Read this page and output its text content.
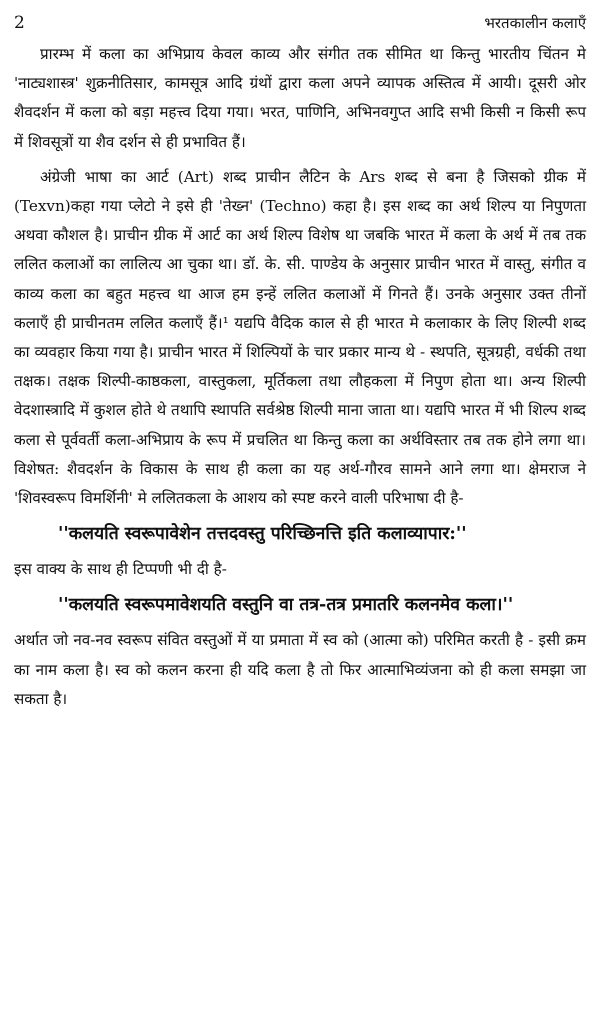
2	भरतकालीन कलाएँ

प्रारम्भ में कला का अभिप्राय केवल काव्य और संगीत तक सीमित था किन्तु भारतीय चिंतन मे 'नाट्यशास्त्र' शुक्रनीतिसार, कामसूत्र आदि ग्रंथों द्वारा कला अपने व्यापक अस्तित्व में आयी। दूसरी ओर शैवदर्शन में कला को बड़ा महत्त्व दिया गया। भरत, पाणिनि, अभिनवगुप्त आदि सभी किसी न किसी रूप में शिवसूत्रों या शैव दर्शन से ही प्रभावित हैं।

अंग्रेजी भाषा का आर्ट (Art) शब्द प्राचीन लैटिन के Ars शब्द से बना है जिसको ग्रीक में (Texvn)कहा गया प्लेटो ने इसे ही 'तेख्न' (Techno) कहा है। इस शब्द का अर्थ शिल्प या निपुणता अथवा कौशल है। प्राचीन ग्रीक में आर्ट का अर्थ शिल्प विशेष था जबकि भारत में कला के अर्थ में तब तक ललित कलाओं का लालित्य आ चुका था। डॉ. के. सी. पाण्डेय के अनुसार प्राचीन भारत में वास्तु, संगीत व काव्य कला का बहुत महत्त्व था आज हम इन्हें ललित कलाओं में गिनते हैं। उनके अनुसार उक्त तीनों कलाएँ ही प्राचीनतम ललित कलाएँ हैं।¹ यद्यपि वैदिक काल से ही भारत मे कलाकार के लिए शिल्पी शब्द का व्यवहार किया गया है। प्राचीन भारत में शिल्पियों के चार प्रकार मान्य थे - स्थपति, सूत्रग्रही, वर्धकी तथा तक्षक। तक्षक शिल्पी-काष्ठकला, वास्तुकला, मूर्तिकला तथा लौहकला में निपुण होता था। अन्य शिल्पी वेदशास्त्रादि में कुशल होते थे तथापि स्थापति सर्वश्रेष्ठ शिल्पी माना जाता था। यद्यपि भारत में भी शिल्प शब्द कला से पूर्ववर्ती कला-अभिप्राय के रूप में प्रचलित था किन्तु कला का अर्थविस्तार तब तक होने लगा था। विशेषत: शैवदर्शन के विकास के साथ ही कला का यह अर्थ-गौरव सामने आने लगा था। क्षेमराज ने 'शिवस्वरूप विमर्शिनी' मे ललितकला के आशय को स्पष्ट करने वाली परिभाषा दी है-

''कलयति स्वरूपावेशेन तत्तदवस्तु परिच्छिनत्ति इति कलाव्यापार:''

इस वाक्य के साथ ही टिप्पणी भी दी है-

''कलयति स्वरूपमावेशयति वस्तुनि वा तत्र-तत्र प्रमातरि कलनमेव कला।''

अर्थात जो नव-नव स्वरूप संवित वस्तुओं में या प्रमाता में स्व को (आत्मा को) परिमित करती है - इसी क्रम का नाम कला है। स्व को कलन करना ही यदि कला है तो फिर आत्माभिव्यंजना को ही कला समझा जा सकता है।
